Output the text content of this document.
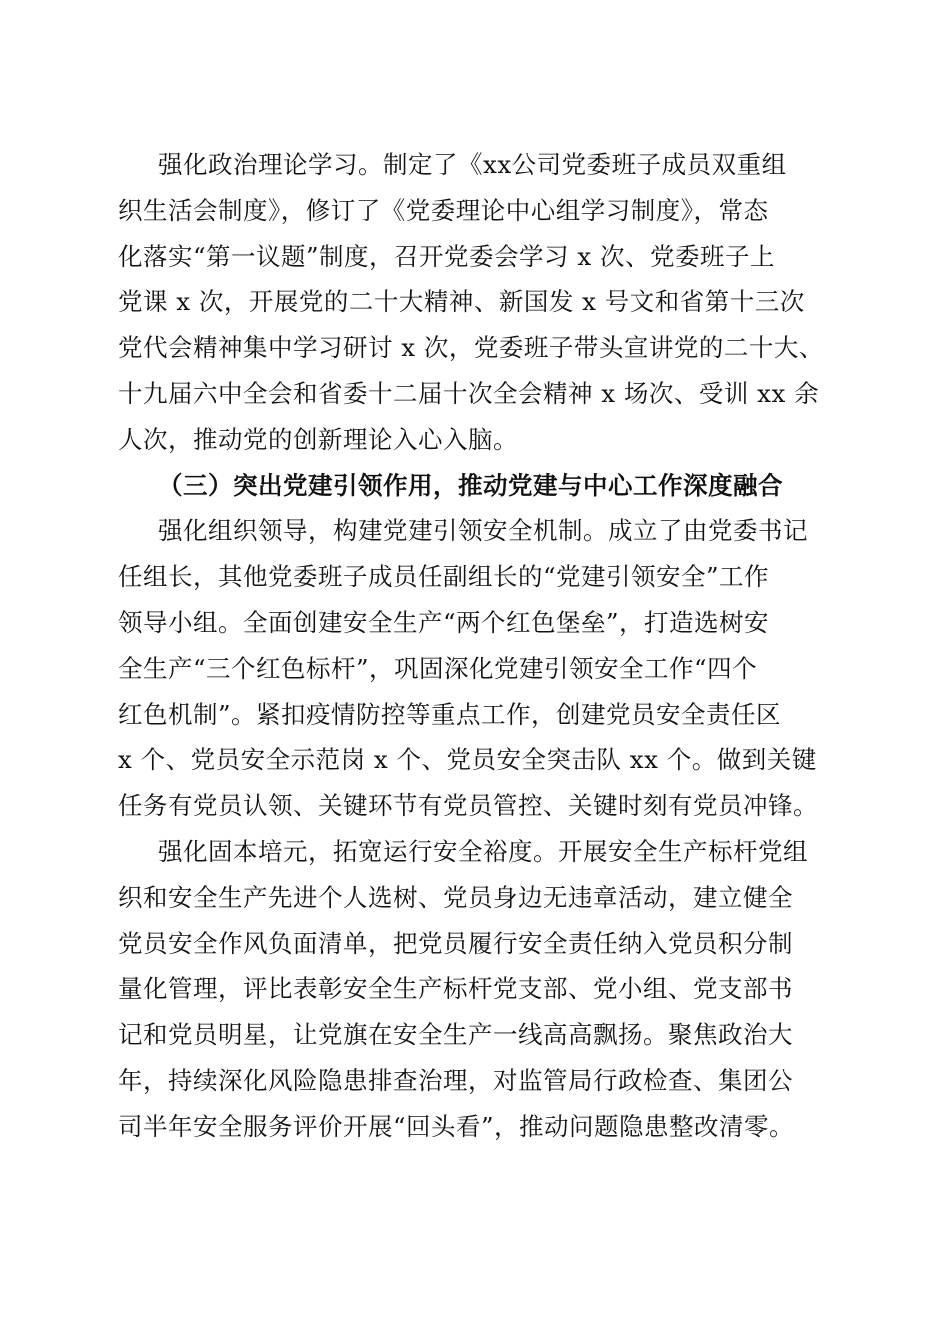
强化政治理论学习。制定了《xx公司党委班子成员双重组
织生活会制度》，修订了《党委理论中心组学习制度》，常态
化落实“第一议题”制度，召开党委会学习 x 次、党委班子上
党课 x 次，开展党的二十大精神、新国发 x 号文和省第十三次
党代会精神集中学习研讨 x 次，党委班子带头宣讲党的二十大、
十九届六中全会和省委十二届十次全会精神 x 场次、受训 xx 余
人次，推动党的创新理论入心入脑。
（三）突出党建引领作用，推动党建与中心工作深度融合
强化组织领导，构建党建引领安全机制。成立了由党委书记
任组长，其他党委班子成员任副组长的“党建引领安全”工作
领导小组。全面创建安全生产“两个红色堡垒”，打造选树安
全生产“三个红色标杆”，巩固深化党建引领安全工作“四个
红色机制”。紧扣疫情防控等重点工作，创建党员安全责任区
x 个、党员安全示范岗 x 个、党员安全突击队 xx 个。做到关键
任务有党员认领、关键环节有党员管控、关键时刻有党员冲锋。
强化固本培元，拓宽运行安全裕度。开展安全生产标杆党组
织和安全生产先进个人选树、党员身边无违章活动，建立健全
党员安全作风负面清单，把党员履行安全责任纳入党员积分制
量化管理，评比表彰安全生产标杆党支部、党小组、党支部书
记和党员明星，让党旗在安全生产一线高高飘扬。聚焦政治大
年，持续深化风险隐患排查治理，对监管局行政检查、集团公
司半年安全服务评价开展“回头看”，推动问题隐患整改清零。
